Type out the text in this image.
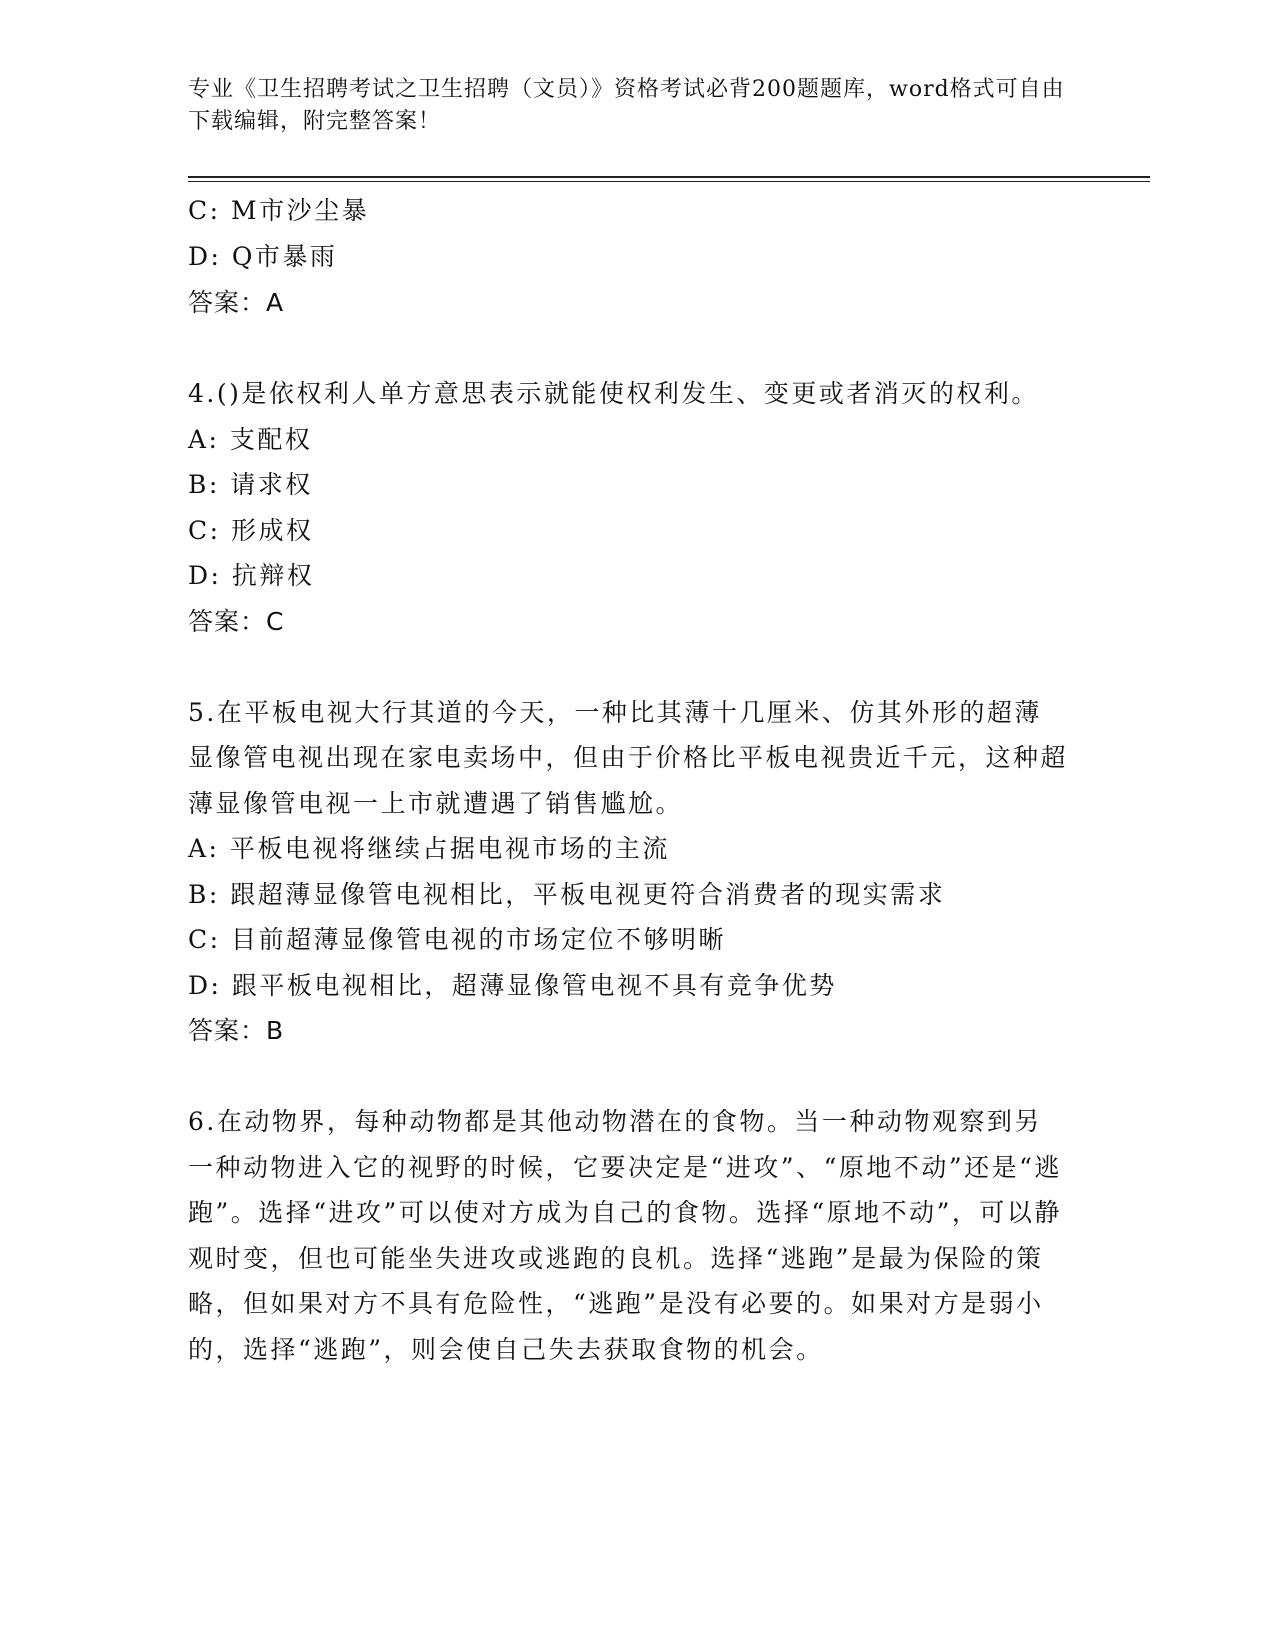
专业《卫生招聘考试之卫生招聘（文员）》资格考试必背200题题库，word格式可自由下载编辑，附完整答案！
C: M市沙尘暴
D: Q市暴雨
答案：A
4.()是依权利人单方意思表示就能使权利发生、变更或者消灭的权利。
A: 支配权
B: 请求权
C: 形成权
D: 抗辩权
答案：C
5.在平板电视大行其道的今天，一种比其薄十几厘米、仿其外形的超薄显像管电视出现在家电卖场中，但由于价格比平板电视贵近千元，这种超薄显像管电视一上市就遭遇了销售尴尬。
A: 平板电视将继续占据电视市场的主流
B: 跟超薄显像管电视相比，平板电视更符合消费者的现实需求
C: 目前超薄显像管电视的市场定位不够明晰
D: 跟平板电视相比，超薄显像管电视不具有竞争优势
答案：B
6.在动物界，每种动物都是其他动物潜在的食物。当一种动物观察到另一种动物进入它的视野的时候，它要决定是“进攻”、“原地不动”还是“逃跑”。选择“进攻”可以使对方成为自己的食物。选择“原地不动”，可以静观时变，但也可能坐失进攻或逃跑的良机。选择“逃跑”是最为保险的策略，但如果对方不具有危险性，“逃跑”是没有必要的。如果对方是弱小的，选择“逃跑”，则会使自己失去获取食物的机会。
